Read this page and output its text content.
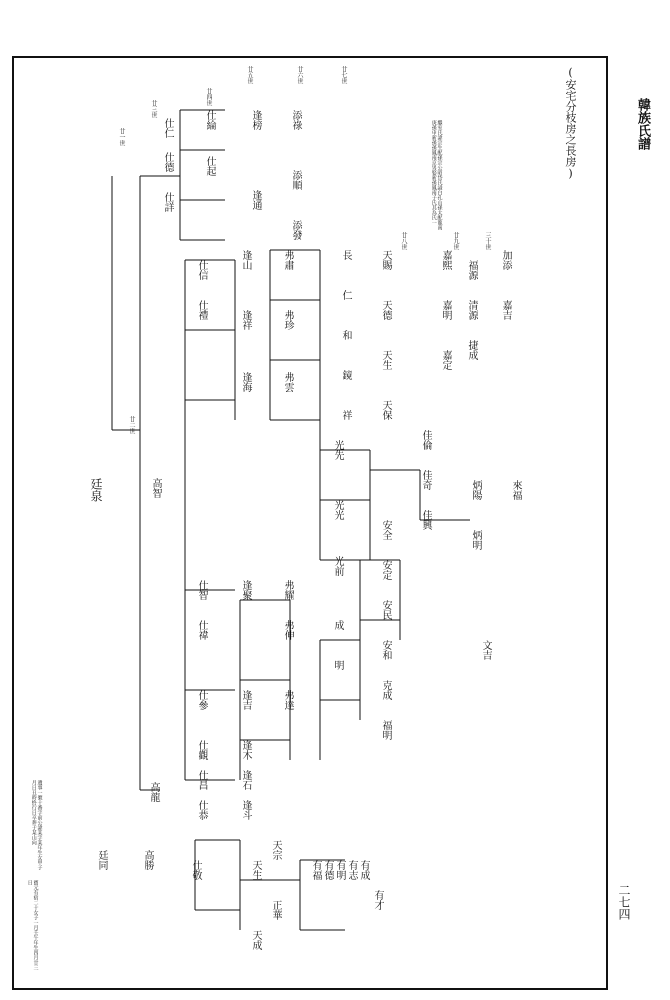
韓族氏譜
(安宅分枝房之長房)
二七四
廿一世
廿三世
廿四世
廿五世	廿六世	廿七世
廿八世	廿九世	三十世
廿二世
廷泉	高智
高龍
廷同	高勝
仕仁
仕德
仕詳
仕信
仕禮
仕智
仕禕
仕參
仕觀
仕昌
仕恭
仕敬
仕綸
仕起
逢山
逢祥
逢海
逢聚
逢吉
逢木
逢石
逢斗
逢榜
逢通
弗肅
弗珍
弗雲
弗耀
弗伸
弗達
添祿
添順
添發
光先
光光
光前
成
明
長
仁
和
鏡
祥
天賜
天德
天生
天保
安全
安定
安民
安和
克成
福明
佳倫
佳奇
佳興
嘉熙
嘉明
嘉定
炳陽
炳明
福源
清源
捷成
加添
嘉吉
來福
文吉
天生
天成
天宗
正華
有福 有德 有明 有志 有成
有才
繼室氏諱宗生配孫宗公昭岱氏謚白孔山孫太配龍南庚孫申新孫孫鳳南京男娶新孫鳳南子氏其為氏一
遺事一號十番字前公諱某字某年生女甲子月日丑時終行日卒葬于某山向
寶元有宿二十女子一月壬午年生四月廿三日
